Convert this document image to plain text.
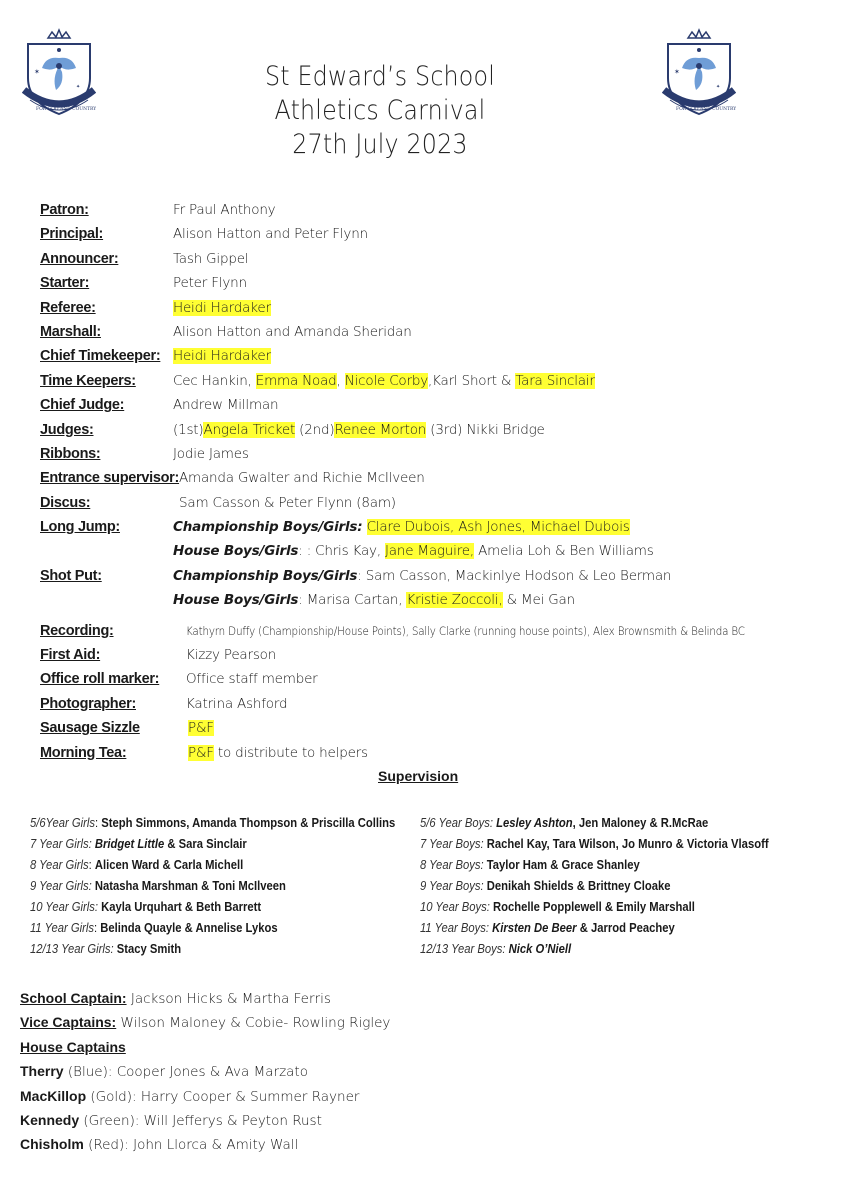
✶
✦
FOR GOD AND COUNTRY
✶
✦
FOR GOD AND COUNTRY
St Edward’s School
Athletics Carnival
27th July 2023
Patron:	Fr Paul Anthony
Principal:	Alison Hatton and Peter Flynn
Announcer:	Tash Gippel
Starter:	Peter Flynn
Referee:	Heidi Hardaker
Marshall:	Alison Hatton and Amanda Sheridan
Chief Timekeeper: Heidi Hardaker
Time Keepers:	Cec Hankin, Emma Noad, Nicole Corby,Karl Short & Tara Sinclair
Chief Judge:	Andrew Millman
Judges:	(1st)Angela Tricket (2nd)Renee Morton (3rd) Nikki Bridge
Ribbons:	Jodie James
Entrance supervisor: Amanda Gwalter and Richie McIlveen
Discus:	Sam Casson & Peter Flynn (8am)
Long Jump:	Championship Boys/Girls: Clare Dubois, Ash Jones, Michael Dubois
House Boys/Girls: : Chris Kay, Jane Maguire, Amelia Loh & Ben Williams
Shot Put:	Championship Boys/Girls: Sam Casson, Mackinlye Hodson & Leo Berman
House Boys/Girls: Marisa Cartan, Kristie Zoccoli, & Mei Gan
Recording:	Kathyrn Duffy (Championship/House Points), Sally Clarke (running house points), Alex Brownsmith & Belinda BC
First Aid:	Kizzy Pearson
Office roll marker: Office staff member
Photographer:	Katrina Ashford
Sausage Sizzle	P&F
Morning Tea:	P&F to distribute to helpers
Supervision
5/6Year Girls: Steph Simmons, Amanda Thompson & Priscilla Collins
7 Year Girls: Bridget Little & Sara Sinclair
8 Year Girls: Alicen Ward & Carla Michell
9 Year Girls: Natasha Marshman & Toni McIlveen
10 Year Girls: Kayla Urquhart & Beth Barrett
11 Year Girls: Belinda Quayle & Annelise Lykos
12/13 Year Girls: Stacy Smith
5/6 Year Boys: Lesley Ashton, Jen Maloney & R.McRae
7 Year Boys: Rachel Kay, Tara Wilson, Jo Munro & Victoria Vlasoff
8 Year Boys: Taylor Ham & Grace Shanley
9 Year Boys: Denikah Shields & Brittney Cloake
10 Year Boys: Rochelle Popplewell & Emily Marshall
11 Year Boys: Kirsten De Beer & Jarrod Peachey
12/13 Year Boys: Nick O’Niell
School Captain: Jackson Hicks & Martha Ferris
Vice Captains: Wilson Maloney & Cobie- Rowling Rigley
House Captains
Therry (Blue): Cooper Jones & Ava Marzato
MacKillop (Gold): Harry Cooper & Summer Rayner
Kennedy (Green): Will Jefferys & Peyton Rust
Chisholm (Red): John Llorca & Amity Wall
